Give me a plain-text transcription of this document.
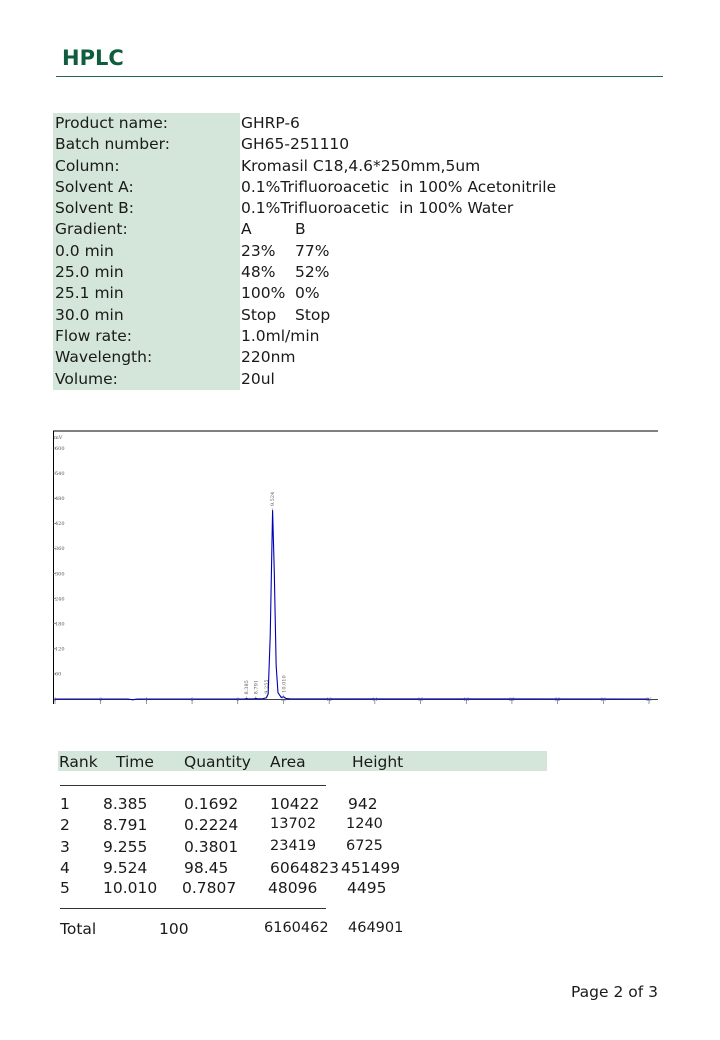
HPLC
Product name:	GHRP-6
Batch number:	GH65-251110
Column:	Kromasil C18,4.6*250mm,5um
Solvent A:	0.1%Trifluoroacetic  in 100% Acetonitrile
Solvent B:	0.1%Trifluoroacetic  in 100% Water
Gradient:	A	B
0.0 min	23% 77%
25.0 min	48% 52%
25.1 min	100% 0%
30.0 min	Stop Stop
Flow rate:	1.0ml/min
Wavelength:	220nm
Volume:	20ul
mV
600
540
480
420
360
300
240
180
120
60
0	2	4	6	8	10	12	14	16	18	20	22	24	26
8.385 8.791 9.255
9.524
10.010
Rank Time Quantity Area	Height
1 8.385 0.1692 10422 942
2 8.791 0.2224 13702 1240
3 9.255 0.3801 23419 6725
4 9.524 98.45	6064823 451499
5 10.010 0.7807 48096 4495
Total	100	6160462 464901
Page 2 of 3
